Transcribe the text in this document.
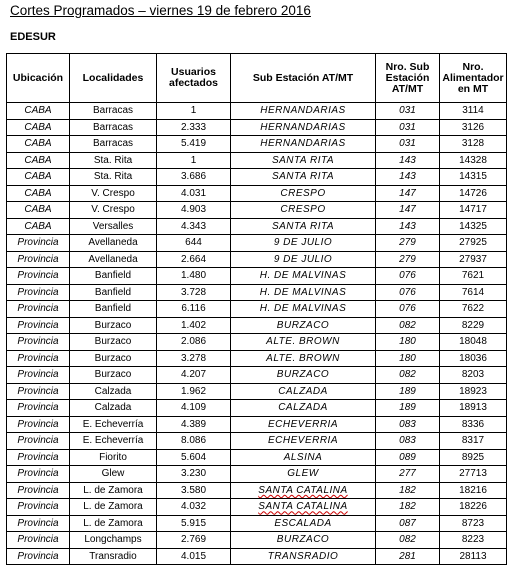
Cortes Programados – viernes 19 de febrero 2016
EDESUR
Ubicación	Localidades	Usuarios afectados	Sub Estación AT/MT	Nro. Sub Estación AT/MT	Nro. Alimentador en MT
CABA	Barracas	1	HERNANDARIAS	031	3114
CABA	Barracas	2.333	HERNANDARIAS	031	3126
CABA	Barracas	5.419	HERNANDARIAS	031	3128
CABA	Sta. Rita	1	SANTA RITA	143	14328
CABA	Sta. Rita	3.686	SANTA RITA	143	14315
CABA	V. Crespo	4.031	CRESPO	147	14726
CABA	V. Crespo	4.903	CRESPO	147	14717
CABA	Versalles	4.343	SANTA RITA	143	14325
Provincia	Avellaneda	644	9 DE JULIO	279	27925
Provincia	Avellaneda	2.664	9 DE JULIO	279	27937
Provincia	Banfield	1.480	H. DE MALVINAS	076	7621
Provincia	Banfield	3.728	H. DE MALVINAS	076	7614
Provincia	Banfield	6.116	H. DE MALVINAS	076	7622
Provincia	Burzaco	1.402	BURZACO	082	8229
Provincia	Burzaco	2.086	ALTE. BROWN	180	18048
Provincia	Burzaco	3.278	ALTE. BROWN	180	18036
Provincia	Burzaco	4.207	BURZACO	082	8203
Provincia	Calzada	1.962	CALZADA	189	18923
Provincia	Calzada	4.109	CALZADA	189	18913
Provincia	E. Echeverría	4.389	ECHEVERRIA	083	8336
Provincia	E. Echeverría	8.086	ECHEVERRIA	083	8317
Provincia	Fiorito	5.604	ALSINA	089	8925
Provincia	Glew	3.230	GLEW	277	27713
Provincia	L. de Zamora	3.580	SANTA CATALINA	182	18216
Provincia	L. de Zamora	4.032	SANTA CATALINA	182	18226
Provincia	L. de Zamora	5.915	ESCALADA	087	8723
Provincia	Longchamps	2.769	BURZACO	082	8223
Provincia	Transradio	4.015	TRANSRADIO	281	28113
